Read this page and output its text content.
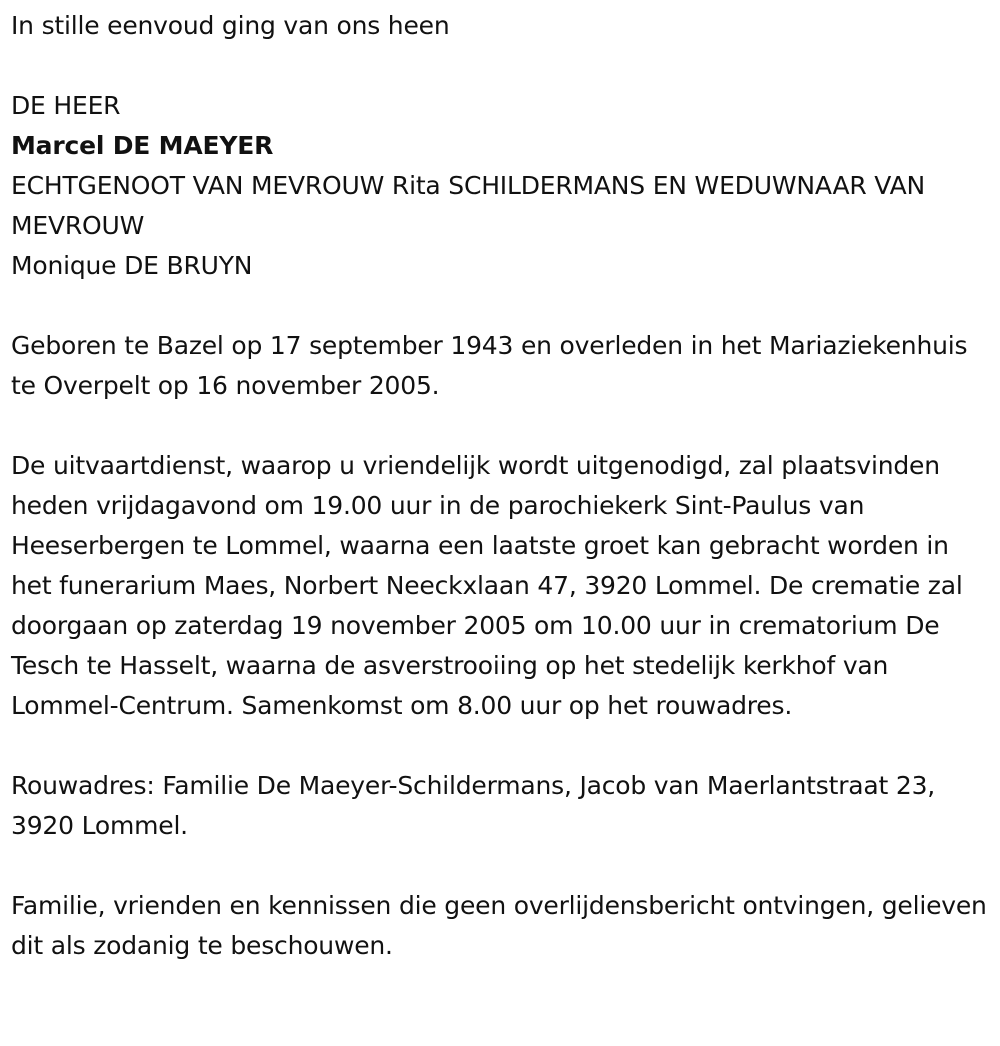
In stille eenvoud ging van ons heen
DE HEER
Marcel DE MAEYER
ECHTGENOOT VAN MEVROUW Rita SCHILDERMANS EN WEDUWNAAR VAN MEVROUW
Monique DE BRUYN
Geboren te Bazel op 17 september 1943 en overleden in het Mariaziekenhuis te Overpelt op 16 november 2005.
De uitvaartdienst, waarop u vriendelijk wordt uitgenodigd, zal plaatsvinden heden vrijdagavond om 19.00 uur in de parochiekerk Sint-Paulus van Heeserbergen te Lommel, waarna een laatste groet kan gebracht worden in het funerarium Maes, Norbert Neeckxlaan 47, 3920 Lommel. De crematie zal doorgaan op zaterdag 19 november 2005 om 10.00 uur in crematorium De Tesch te Hasselt, waarna de asverstrooiing op het stedelijk kerkhof van Lommel-Centrum. Samenkomst om 8.00 uur op het rouwadres.
Rouwadres: Familie De Maeyer-Schildermans, Jacob van Maerlantstraat 23, 3920 Lommel.
Familie, vrienden en kennissen die geen overlijdensbericht ontvingen, gelieven dit als zodanig te beschouwen.
